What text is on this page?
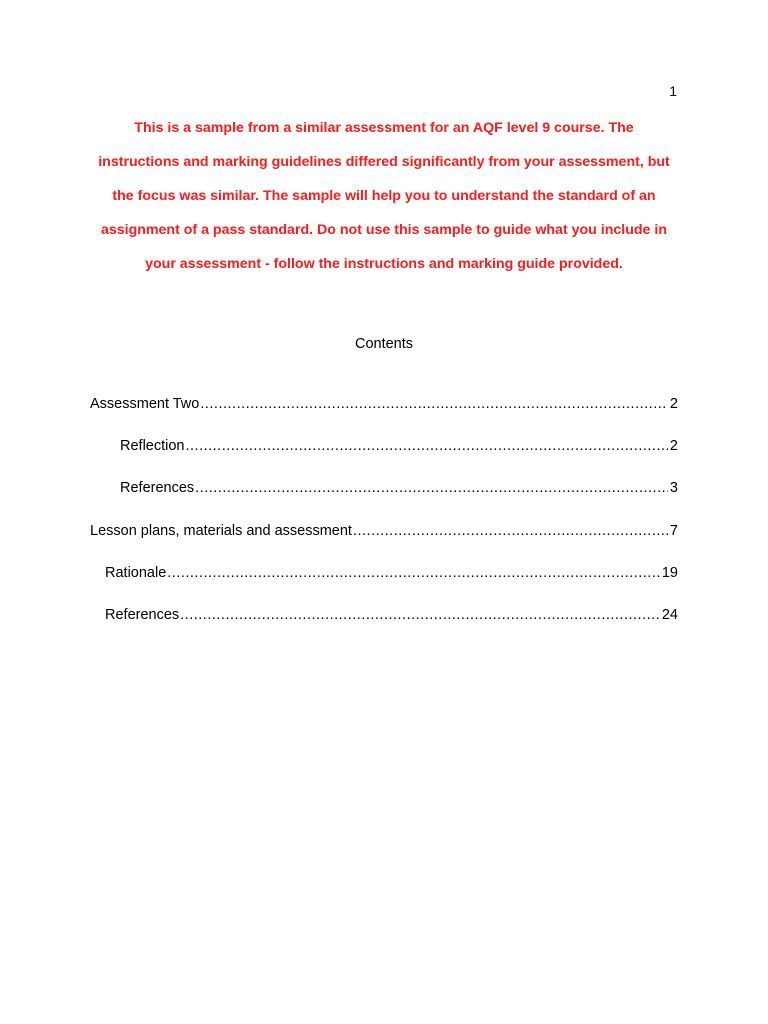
1
This is a sample from a similar assessment for an AQF level 9 course. The
instructions and marking guidelines differed significantly from your assessment, but
the focus was similar. The sample will help you to understand the standard of an
assignment of a pass standard. Do not use this sample to guide what you include in
your assessment - follow the instructions and marking guide provided.
Contents
Assessment Two .....	2
Reflection .....	2
References .....	3
Lesson plans, materials and assessment .....	7
Rationale .....	19
References .....	24
